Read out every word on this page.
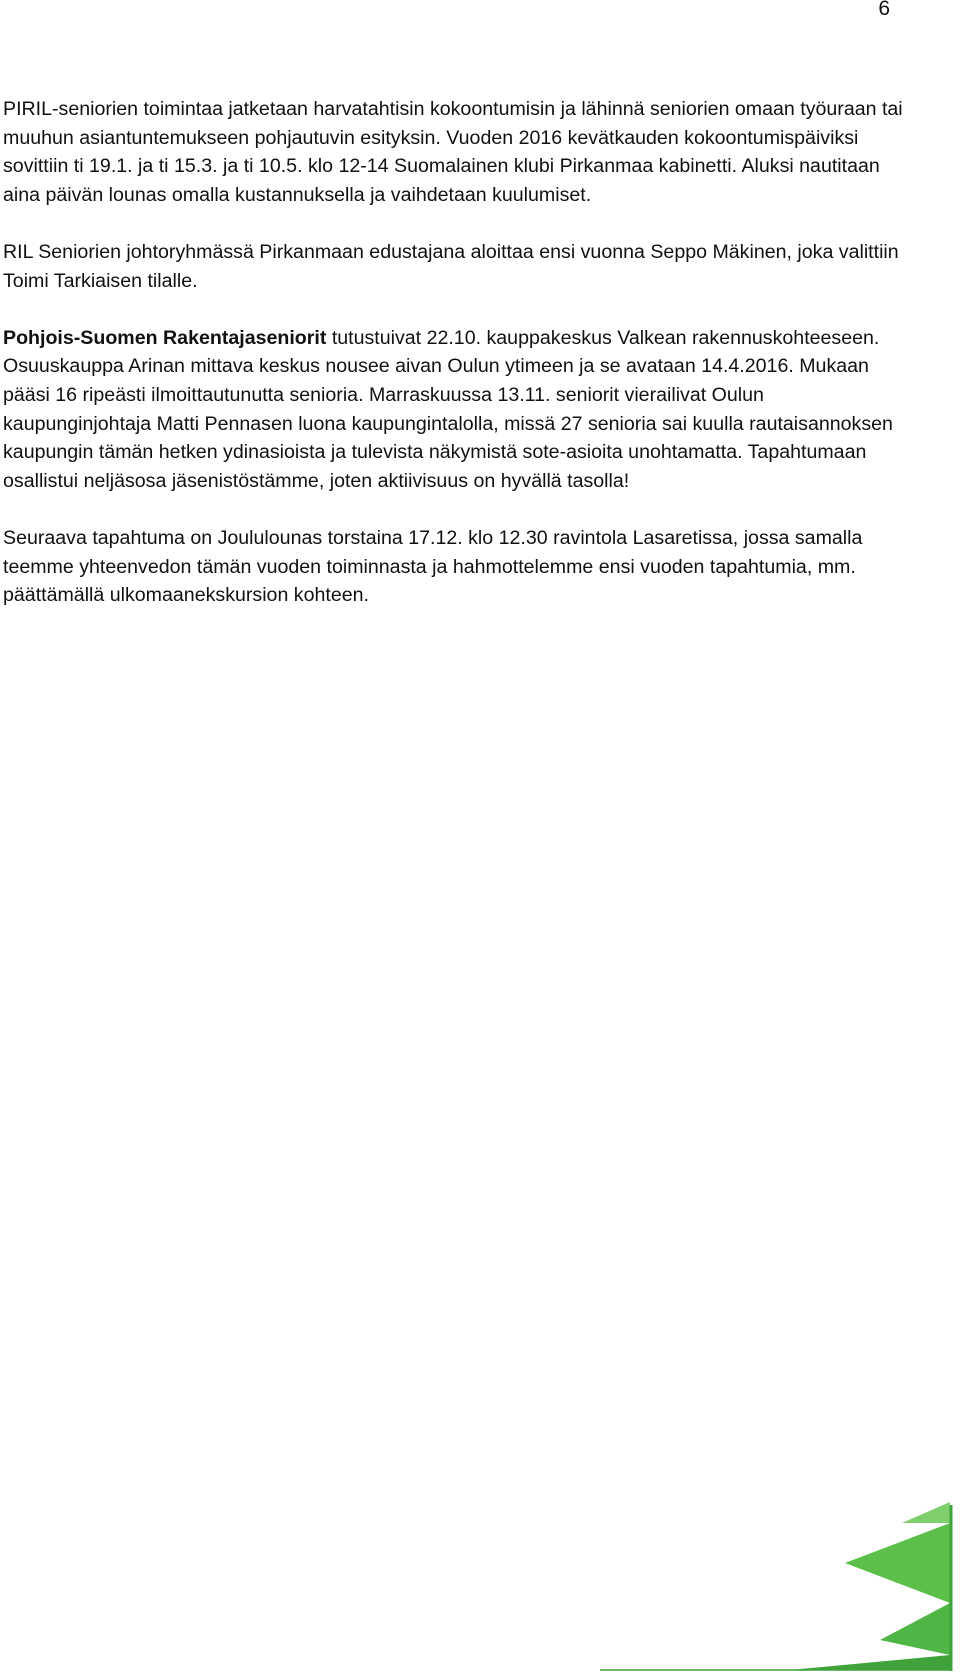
6

PIRIL-seniorien toimintaa jatketaan harvatahtisin kokoontumisin ja lähinnä seniorien omaan työuraan tai muuhun asiantuntemukseen pohjautuvin esityksin. Vuoden 2016 kevätkauden kokoontumispäiviksi sovittiin ti 19.1. ja ti 15.3. ja ti 10.5. klo 12-14 Suomalainen klubi Pirkanmaa kabinetti. Aluksi nautitaan aina päivän lounas omalla kustannuksella ja vaihdetaan kuulumiset.

RIL Seniorien johtoryhmässä Pirkanmaan edustajana aloittaa ensi vuonna Seppo Mäkinen, joka valittiin Toimi Tarkiaisen tilalle.

Pohjois-Suomen Rakentajaseniorit tutustuivat 22.10. kauppakeskus Valkean rakennuskohteeseen. Osuuskauppa Arinan mittava keskus nousee aivan Oulun ytimeen ja se avataan 14.4.2016. Mukaan pääsi 16 ripeästi ilmoittautunutta senioria. Marraskuussa 13.11. seniorit vierailivat Oulun kaupunginjohtaja Matti Pennasen luona kaupungintalolla, missä 27 senioria sai kuulla rautaisannoksen kaupungin tämän hetken ydinasioista ja tulevista näkymistä sote-asioita unohtamatta. Tapahtumaan osallistui neljäsosa jäsenistöstämme, joten aktiivisuus on hyvällä tasolla!

Seuraava tapahtuma on Joululounas torstaina 17.12. klo 12.30 ravintola Lasaretissa, jossa samalla teemme yhteenvedon tämän vuoden toiminnasta ja hahmottelemme ensi vuoden tapahtumia, mm. päättämällä ulkomaanekskursion kohteen.
